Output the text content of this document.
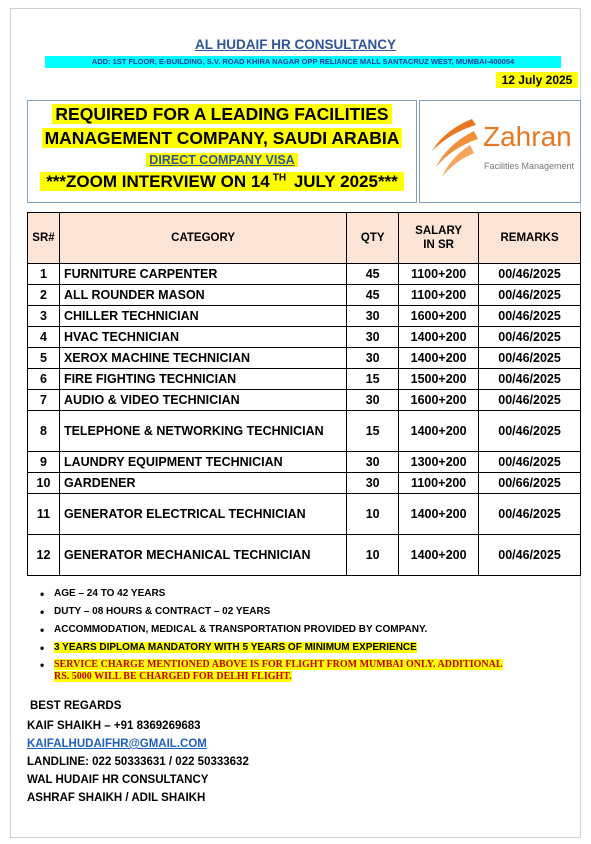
AL HUDAIF HR CONSULTANCY
ADD: 1ST FLOOR, E-BUILDING, S.V. ROAD KHIRA NAGAR OPP RELIANCE MALL SANTACRUZ WEST, MUMBAI-400054
12 July 2025
REQUIRED FOR A LEADING FACILITIES
MANAGEMENT COMPANY, SAUDI ARABIA
DIRECT COMPANY VISA
***ZOOM INTERVIEW ON 14 $^{TH}$ JULY 2025***
Zahran
Facilities Management
SR#	CATEGORY	QTY	SALARY IN SR	REMARKS
1	FURNITURE CARPENTER	45	1100+200	00/46/2025
2	ALL ROUNDER MASON	45	1100+200	00/46/2025
3	CHILLER TECHNICIAN	30	1600+200	00/46/2025
4	HVAC TECHNICIAN	30	1400+200	00/46/2025
5	XEROX MACHINE TECHNICIAN	30	1400+200	00/46/2025
6	FIRE FIGHTING TECHNICIAN	15	1500+200	00/46/2025
7	AUDIO & VIDEO TECHNICIAN	30	1600+200	00/46/2025
8	TELEPHONE & NETWORKING TECHNICIAN	15	1400+200	00/46/2025
9	LAUNDRY EQUIPMENT TECHNICIAN	30	1300+200	00/46/2025
10	GARDENER	30	1100+200	00/66/2025
11	GENERATOR ELECTRICAL TECHNICIAN	10	1400+200	00/46/2025
12	GENERATOR MECHANICAL TECHNICIAN	10	1400+200	00/46/2025
• AGE – 24 TO 42 YEARS
• DUTY – 08 HOURS & CONTRACT – 02 YEARS
• ACCOMMODATION, MEDICAL & TRANSPORTATION PROVIDED BY COMPANY.
• 3 YEARS DIPLOMA MANDATORY WITH 5 YEARS OF MINIMUM EXPERIENCE
• SERVICE CHARGE MENTIONED ABOVE IS FOR FLIGHT FROM MUMBAI ONLY. ADDITIONAL
RS. 5000 WILL BE CHARGED FOR DELHI FLIGHT.
BEST REGARDS
KAIF SHAIKH – +91 8369269683
KAIFALHUDAIFHR@GMAIL.COM
LANDLINE: 022 50333631 / 022 50333632
WAL HUDAIF HR CONSULTANCY
ASHRAF SHAIKH / ADIL SHAIKH
